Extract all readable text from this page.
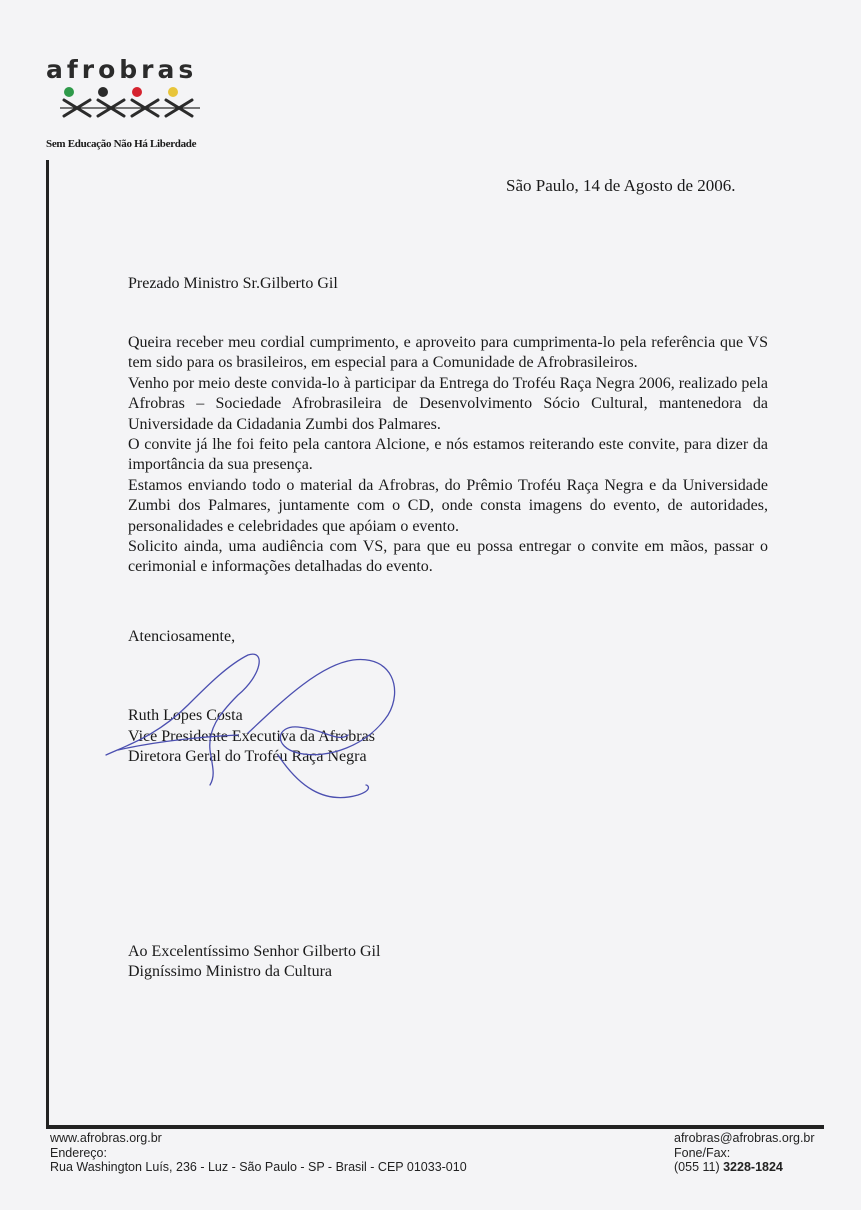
afrobras
Sem Educação Não Há Liberdade
São Paulo, 14 de Agosto de 2006.
Prezado Ministro Sr.Gilberto Gil

Queira receber meu cordial cumprimento, e aproveito para cumprimenta-lo pela referência que VS tem sido para os brasileiros, em especial para a Comunidade de Afrobrasileiros.

Venho por meio deste convida-lo à participar da Entrega do Troféu Raça Negra 2006, realizado pela Afrobras – Sociedade Afrobrasileira de Desenvolvimento Sócio Cultural, mantenedora da Universidade da Cidadania Zumbi dos Palmares.

O convite já lhe foi feito pela cantora Alcione, e nós estamos reiterando este convite, para dizer da importância da sua presença.

Estamos enviando todo o material da Afrobras, do Prêmio Troféu Raça Negra e da Universidade Zumbi dos Palmares, juntamente com o CD, onde consta imagens do evento, de autoridades, personalidades e celebridades que apóiam o evento.

Solicito ainda, uma audiência com VS, para que eu possa entregar o convite em mãos, passar o cerimonial e informações detalhadas do evento.

Atenciosamente,
Ruth Lopes Costa
Vice Presidente Executiva da Afrobras
Diretora Geral do Troféu Raça Negra
Ao Excelentíssimo Senhor Gilberto Gil
Digníssimo Ministro da Cultura
www.afrobras.org.br
Endereço:
Rua Washington Luís, 236 - Luz - São Paulo - SP - Brasil - CEP 01033-010
afrobras@afrobras.org.br
Fone/Fax:
(055 11) 3228-1824
